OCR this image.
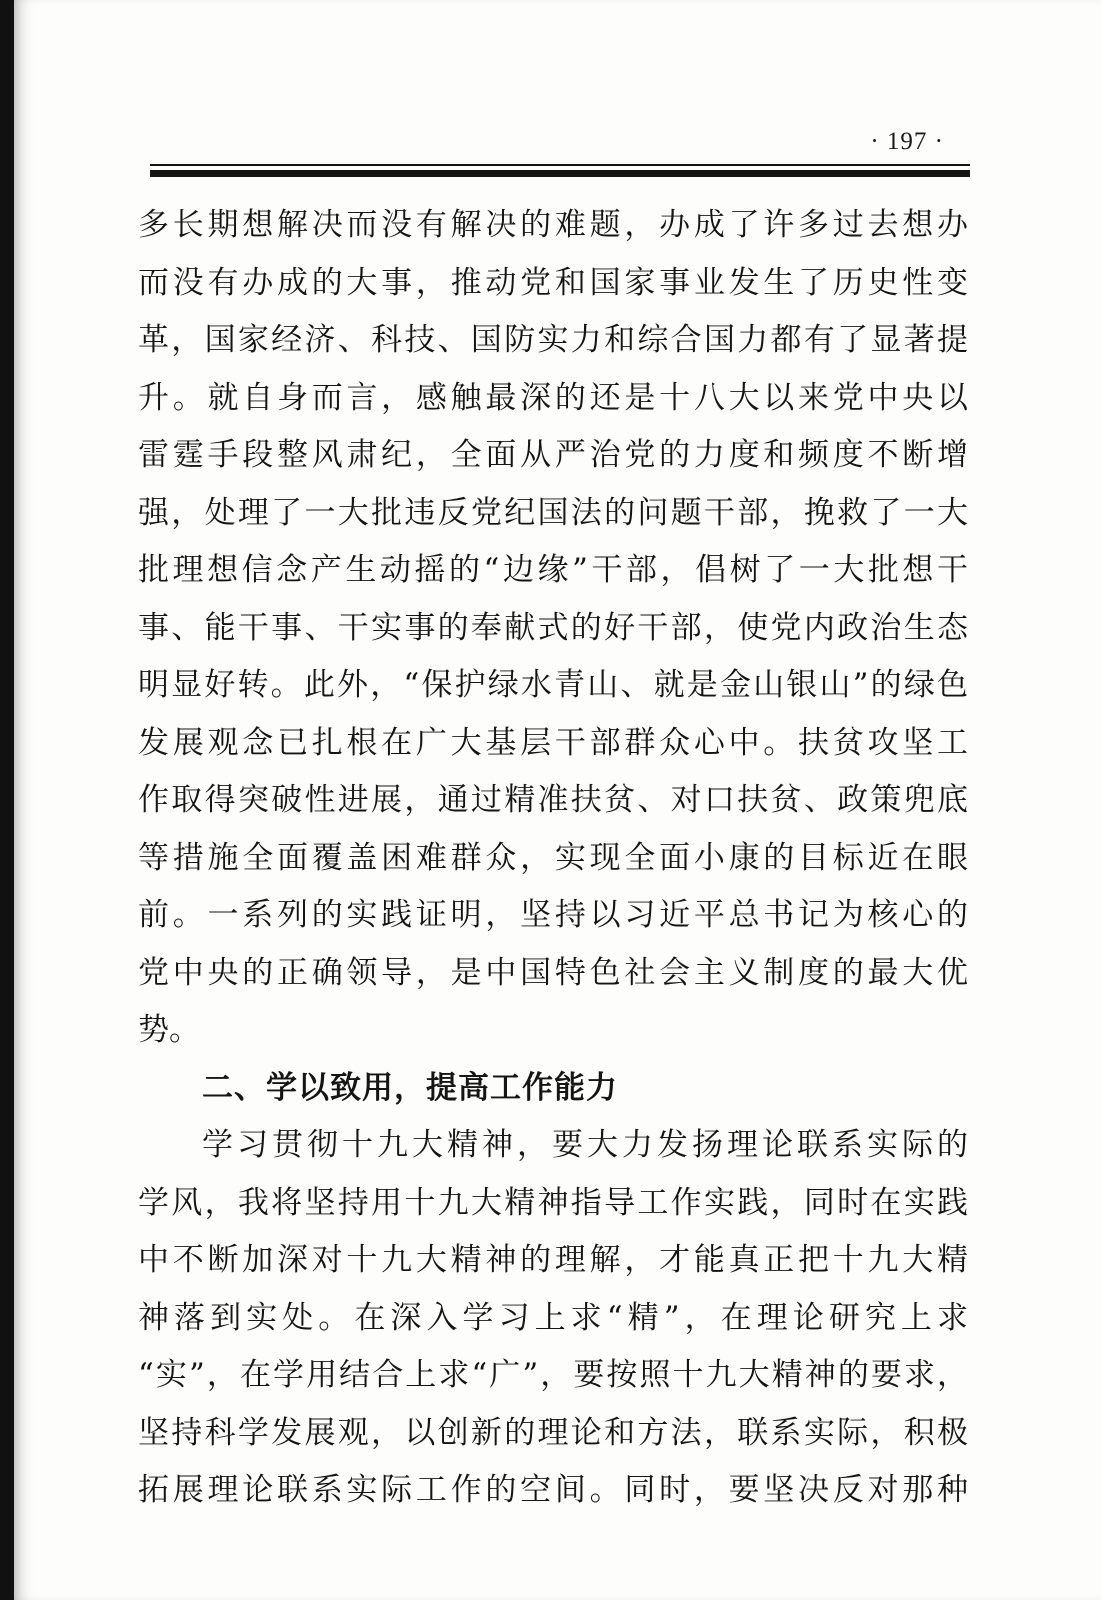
· 197 ·
多长期想解决而没有解决的难题，办成了许多过去想办
而没有办成的大事，推动党和国家事业发生了历史性变
革，国家经济、科技、国防实力和综合国力都有了显著提
升。就自身而言，感触最深的还是十八大以来党中央以
雷霆手段整风肃纪，全面从严治党的力度和频度不断增
强，处理了一大批违反党纪国法的问题干部，挽救了一大
批理想信念产生动摇的“边缘”干部，倡树了一大批想干
事、能干事、干实事的奉献式的好干部，使党内政治生态
明显好转。此外，“保护绿水青山、就是金山银山”的绿色
发展观念已扎根在广大基层干部群众心中。扶贫攻坚工
作取得突破性进展，通过精准扶贫、对口扶贫、政策兜底
等措施全面覆盖困难群众，实现全面小康的目标近在眼
前。一系列的实践证明，坚持以习近平总书记为核心的
党中央的正确领导，是中国特色社会主义制度的最大优
势。
二、学以致用，提高工作能力
学习贯彻十九大精神，要大力发扬理论联系实际的
学风，我将坚持用十九大精神指导工作实践，同时在实践
中不断加深对十九大精神的理解，才能真正把十九大精
神落到实处。在深入学习上求“精”，在理论研究上求
“实”，在学用结合上求“广”，要按照十九大精神的要求，
坚持科学发展观，以创新的理论和方法，联系实际，积极
拓展理论联系实际工作的空间。同时，要坚决反对那种
